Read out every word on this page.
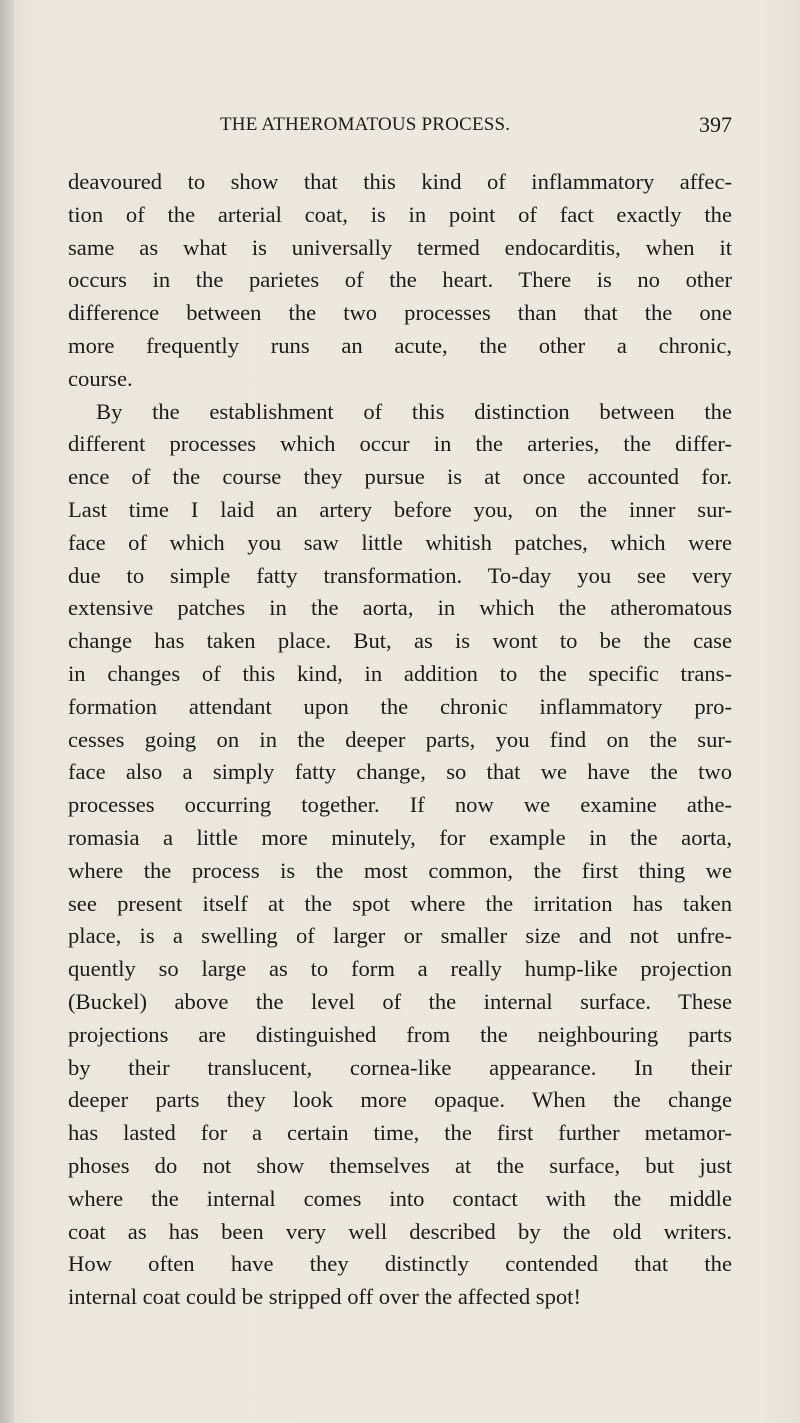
THE ATHEROMATOUS PROCESS.	397
deavoured to show that this kind of inflammatory affec-
tion of the arterial coat, is in point of fact exactly the
same as what is universally termed endocarditis, when it
occurs in the parietes of the heart. There is no other
difference between the two processes than that the one
more frequently runs an acute, the other a chronic,
course.
By the establishment of this distinction between the
different processes which occur in the arteries, the differ-
ence of the course they pursue is at once accounted for.
Last time I laid an artery before you, on the inner sur-
face of which you saw little whitish patches, which were
due to simple fatty transformation. To-day you see very
extensive patches in the aorta, in which the atheromatous
change has taken place. But, as is wont to be the case
in changes of this kind, in addition to the specific trans-
formation attendant upon the chronic inflammatory pro-
cesses going on in the deeper parts, you find on the sur-
face also a simply fatty change, so that we have the two
processes occurring together. If now we examine athe-
romasia a little more minutely, for example in the aorta,
where the process is the most common, the first thing we
see present itself at the spot where the irritation has taken
place, is a swelling of larger or smaller size and not unfre-
quently so large as to form a really hump-like projection
(Buckel) above the level of the internal surface. These
projections are distinguished from the neighbouring parts
by their translucent, cornea-like appearance. In their
deeper parts they look more opaque. When the change
has lasted for a certain time, the first further metamor-
phoses do not show themselves at the surface, but just
where the internal comes into contact with the middle
coat as has been very well described by the old writers.
How often have they distinctly contended that the
internal coat could be stripped off over the affected spot!
